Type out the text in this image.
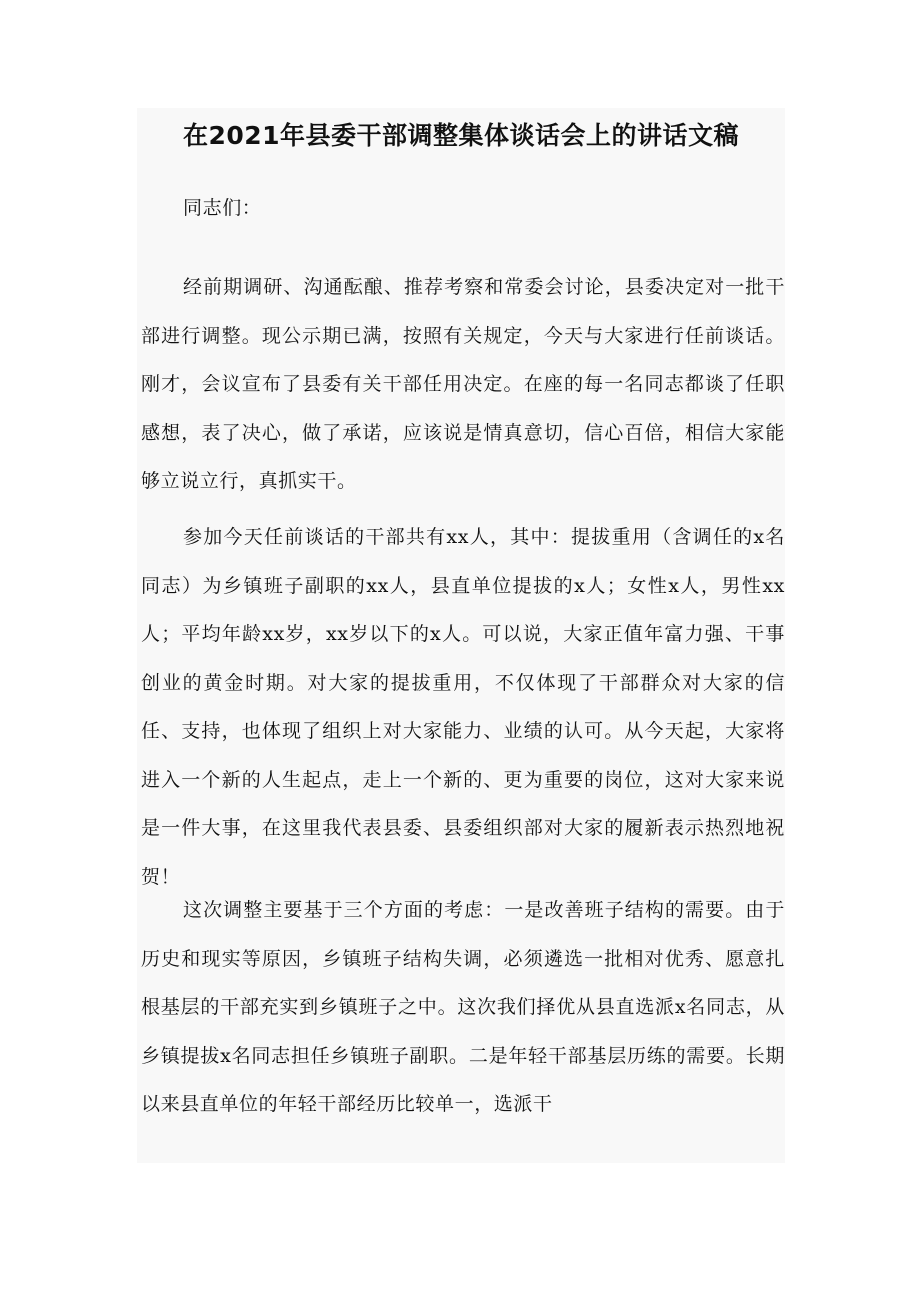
在2021年县委干部调整集体谈话会上的讲话文稿

同志们：

经前期调研、沟通酝酿、推荐考察和常委会讨论，县委决定对一批干部进行调整。现公示期已满，按照有关规定，今天与大家进行任前谈话。刚才，会议宣布了县委有关干部任用决定。在座的每一名同志都谈了任职感想，表了决心，做了承诺，应该说是情真意切，信心百倍，相信大家能够立说立行，真抓实干。

参加今天任前谈话的干部共有xx人，其中：提拔重用（含调任的x名同志）为乡镇班子副职的xx人，县直单位提拔的x人；女性x人，男性xx人；平均年龄xx岁，xx岁以下的x人。可以说，大家正值年富力强、干事创业的黄金时期。对大家的提拔重用，不仅体现了干部群众对大家的信任、支持，也体现了组织上对大家能力、业绩的认可。从今天起，大家将进入一个新的人生起点，走上一个新的、更为重要的岗位，这对大家来说是一件大事，在这里我代表县委、县委组织部对大家的履新表示热烈地祝贺！

这次调整主要基于三个方面的考虑：一是改善班子结构的需要。由于历史和现实等原因，乡镇班子结构失调，必须遴选一批相对优秀、愿意扎根基层的干部充实到乡镇班子之中。这次我们择优从县直选派x名同志，从乡镇提拔x名同志担任乡镇班子副职。二是年轻干部基层历练的需要。长期以来县直单位的年轻干部经历比较单一，选派干
